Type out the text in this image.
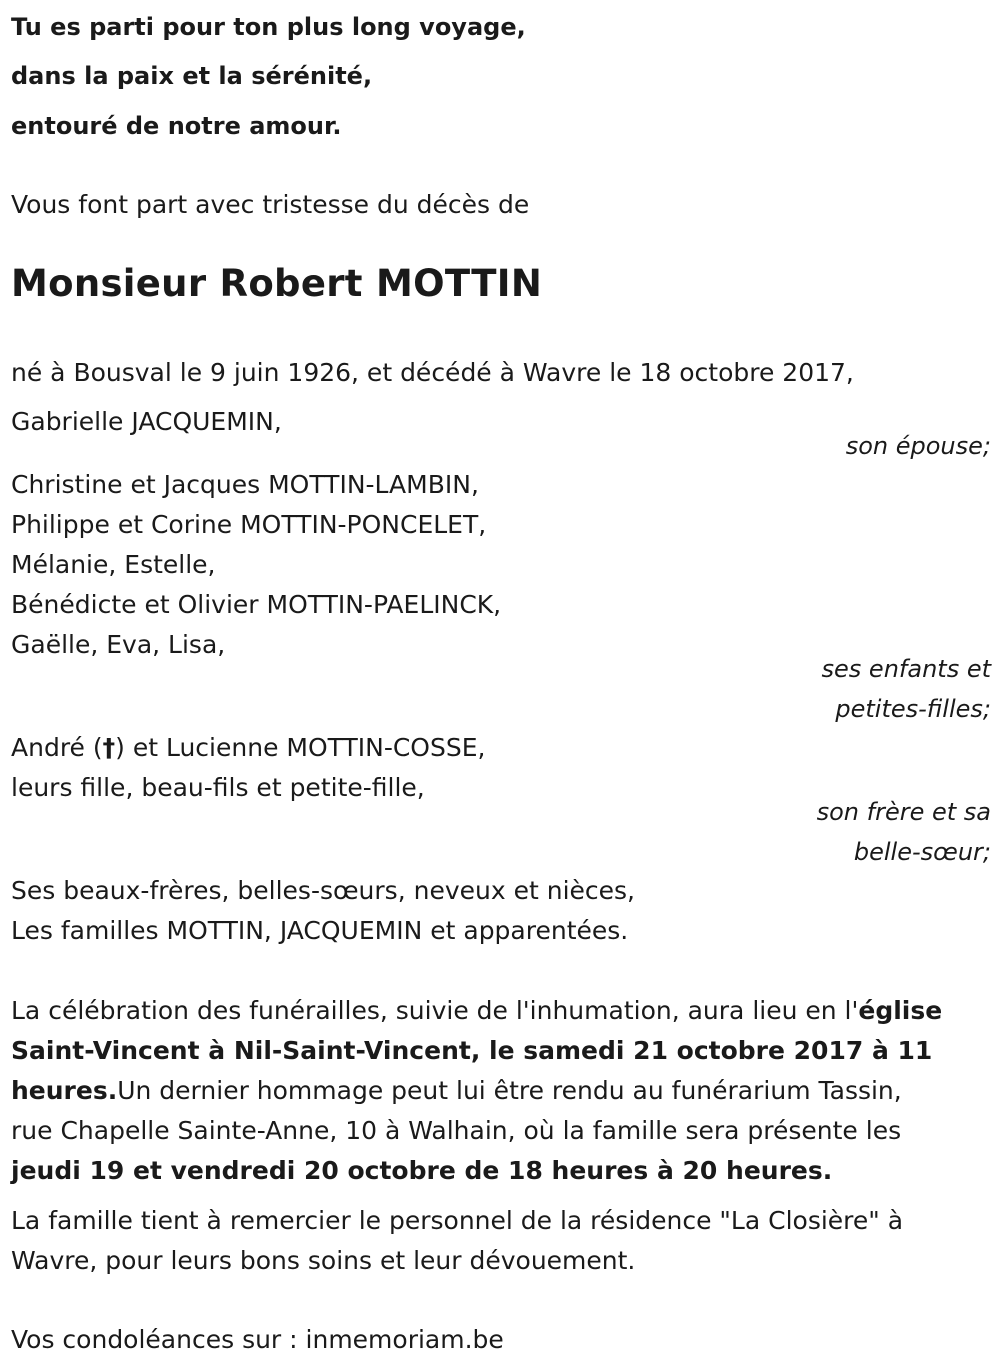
Tu es parti pour ton plus long voyage,
dans la paix et la sérénité,
entouré de notre amour.
Vous font part avec tristesse du décès de
Monsieur Robert MOTTIN
né à Bousval le 9 juin 1926, et décédé à Wavre le 18 octobre 2017,
Gabrielle JACQUEMIN,
son épouse;
Christine et Jacques MOTTIN-LAMBIN,
Philippe et Corine MOTTIN-PONCELET,
Mélanie, Estelle,
Bénédicte et Olivier MOTTIN-PAELINCK,
Gaëlle, Eva, Lisa,
ses enfants et
petites-filles;
André (†) et Lucienne MOTTIN-COSSE,
leurs fille, beau-fils et petite-fille,
son frère et sa
belle-sœur;
Ses beaux-frères, belles-sœurs, neveux et nièces,
Les familles MOTTIN, JACQUEMIN et apparentées.
La célébration des funérailles, suivie de l'inhumation, aura lieu en l'église
Saint-Vincent à Nil-Saint-Vincent, le samedi 21 octobre 2017 à 11
heures.Un dernier hommage peut lui être rendu au funérarium Tassin,
rue Chapelle Sainte-Anne, 10 à Walhain, où la famille sera présente les
jeudi 19 et vendredi 20 octobre de 18 heures à 20 heures.
La famille tient à remercier le personnel de la résidence "La Closière" à
Wavre, pour leurs bons soins et leur dévouement.
Vos condoléances sur : inmemoriam.be
